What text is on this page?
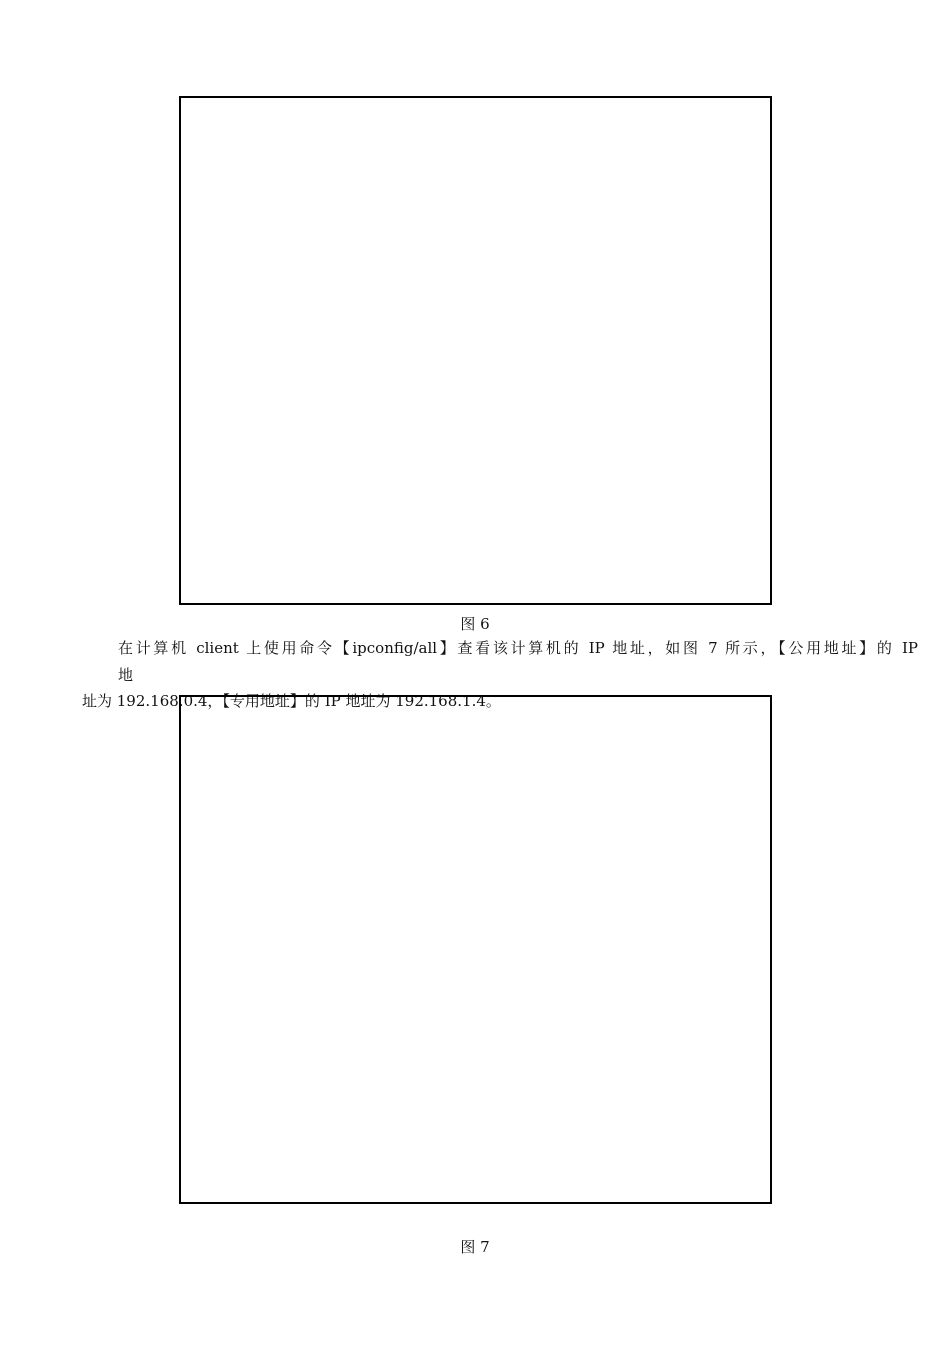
图 6
在计算机 client 上使用命令【ipconfig/all】查看该计算机的 IP 地址，如图 7 所示，【公用地址】的 IP
地
址为 192.168.0.4，【专用地址】的 IP 地址为 192.168.1.4。
图 7
